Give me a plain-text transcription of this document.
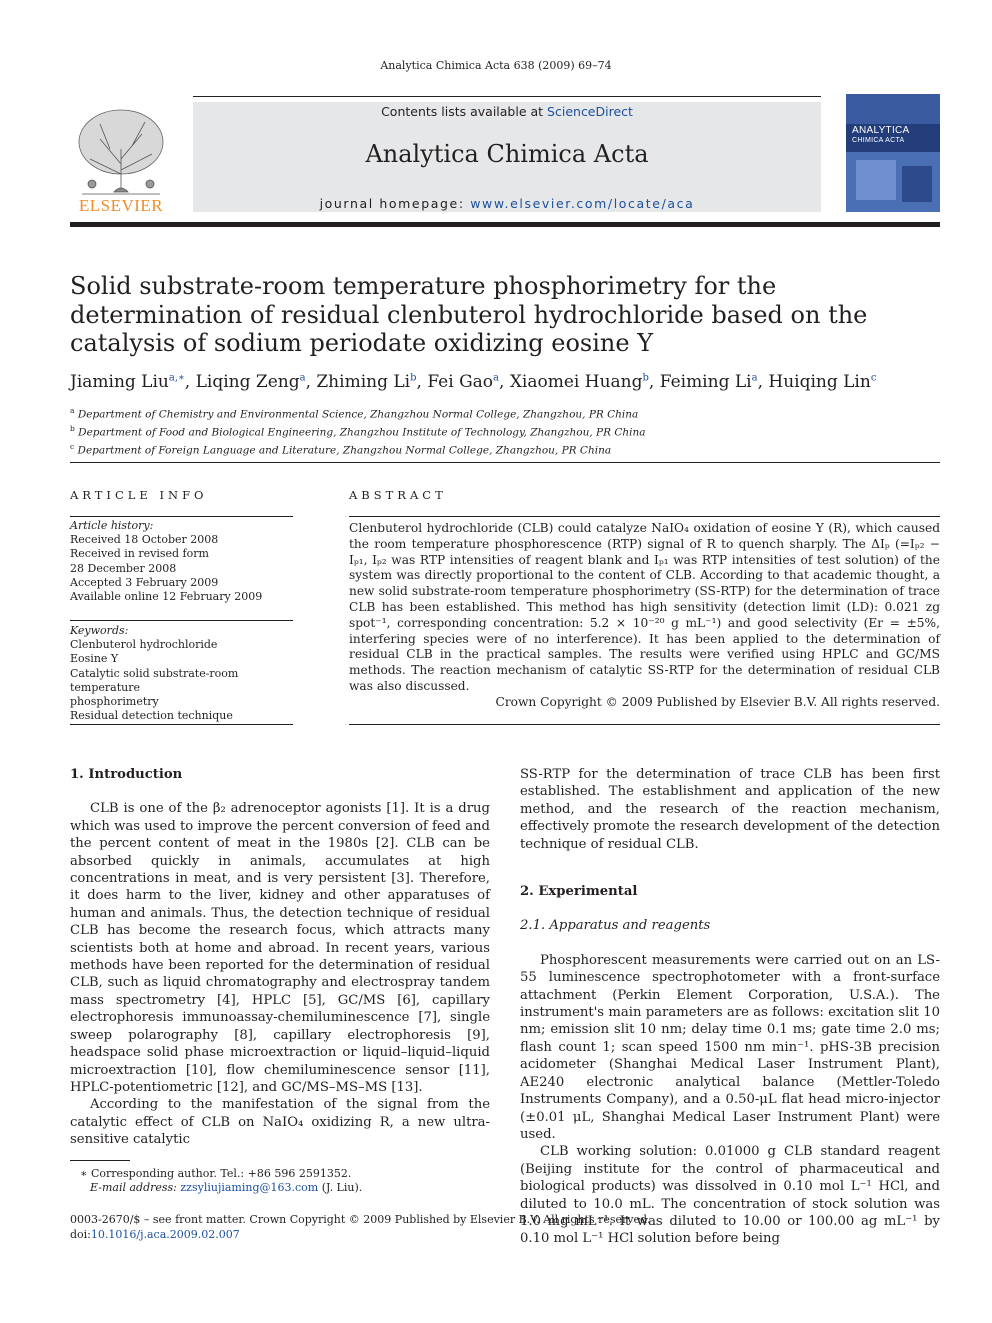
Analytica Chimica Acta 638 (2009) 69–74
ELSEVIER
Contents lists available at ScienceDirect
Analytica Chimica Acta
journal homepage: www.elsevier.com/locate/aca
ANALYTICA
CHIMICA ACTA
Solid substrate-room temperature phosphorimetry for the determination of residual clenbuterol hydrochloride based on the catalysis of sodium periodate oxidizing eosine Y
Jiaming Liu$^{a,∗}$, Liqing Zeng$^a$, Zhiming Li$^b$, Fei Gao$^a$, Xiaomei Huang$^b$, Feiming Li$^a$, Huiqing Lin$^c$
$^a$ Department of Chemistry and Environmental Science, Zhangzhou Normal College, Zhangzhou, PR China
$^b$ Department of Food and Biological Engineering, Zhangzhou Institute of Technology, Zhangzhou, PR China
$^c$ Department of Foreign Language and Literature, Zhangzhou Normal College, Zhangzhou, PR China
ARTICLE INFO
Article history:
Received 18 October 2008
Received in revised form
28 December 2008
Accepted 3 February 2009
Available online 12 February 2009
Keywords:
Clenbuterol hydrochloride
Eosine Y
Catalytic solid substrate-room temperature
phosphorimetry
Residual detection technique
ABSTRACT
Clenbuterol hydrochloride (CLB) could catalyze NaIO₄ oxidation of eosine Y (R), which caused the room temperature phosphorescence (RTP) signal of R to quench sharply. The ΔIₚ (=Iₚ₂ − Iₚ₁, Iₚ₂ was RTP intensities of reagent blank and Iₚ₁ was RTP intensities of test solution) of the system was directly proportional to the content of CLB. According to that academic thought, a new solid substrate-room temperature phosphorimetry (SS-RTP) for the determination of trace CLB has been established. This method has high sensitivity (detection limit (LD): 0.021 zg spot⁻¹, corresponding concentration: 5.2 × 10⁻²⁰ g mL⁻¹) and good selectivity (Er = ±5%, interfering species were of no interference). It has been applied to the determination of residual CLB in the practical samples. The results were verified using HPLC and GC/MS methods. The reaction mechanism of catalytic SS-RTP for the determination of residual CLB was also discussed.
Crown Copyright © 2009 Published by Elsevier B.V. All rights reserved.

1. Introduction

CLB is one of the β₂ adrenoceptor agonists [1]. It is a drug which was used to improve the percent conversion of feed and the percent content of meat in the 1980s [2]. CLB can be absorbed quickly in animals, accumulates at high concentrations in meat, and is very persistent [3]. Therefore, it does harm to the liver, kidney and other apparatuses of human and animals. Thus, the detection technique of residual CLB has become the research focus, which attracts many scientists both at home and abroad. In recent years, various methods have been reported for the determination of residual CLB, such as liquid chromatography and electrospray tandem mass spectrometry [4], HPLC [5], GC/MS [6], capillary electrophoresis immunoassay-chemiluminescence [7], single sweep polarography [8], capillary electrophoresis [9], headspace solid phase microextraction or liquid–liquid–liquid microextraction [10], flow chemiluminescence sensor [11], HPLC-potentiometric [12], and GC/MS–MS–MS [13].

According to the manifestation of the signal from the catalytic effect of CLB on NaIO₄ oxidizing R, a new ultra-sensitive catalytic

SS-RTP for the determination of trace CLB has been first established. The establishment and application of the new method, and the research of the reaction mechanism, effectively promote the research development of the detection technique of residual CLB.

2. Experimental

2.1. Apparatus and reagents

Phosphorescent measurements were carried out on an LS-55 luminescence spectrophotometer with a front-surface attachment (Perkin Element Corporation, U.S.A.). The instrument's main parameters are as follows: excitation slit 10 nm; emission slit 10 nm; delay time 0.1 ms; gate time 2.0 ms; flash count 1; scan speed 1500 nm min⁻¹. pHS-3B precision acidometer (Shanghai Medical Laser Instrument Plant), AE240 electronic analytical balance (Mettler-Toledo Instruments Company), and a 0.50-μL flat head micro-injector (±0.01 μL, Shanghai Medical Laser Instrument Plant) were used.

CLB working solution: 0.01000 g CLB standard reagent (Beijing institute for the control of pharmaceutical and biological products) was dissolved in 0.10 mol L⁻¹ HCl, and diluted to 10.0 mL. The concentration of stock solution was 1.0 mg mL⁻¹. It was diluted to 10.00 or 100.00 ag mL⁻¹ by 0.10 mol L⁻¹ HCl solution before being

∗ Corresponding author. Tel.: +86 596 2591352.
E-mail address: zzsyliujiaming@163.com (J. Liu).
0003-2670/$ – see front matter. Crown Copyright © 2009 Published by Elsevier B.V. All rights reserved.
doi:10.1016/j.aca.2009.02.007
